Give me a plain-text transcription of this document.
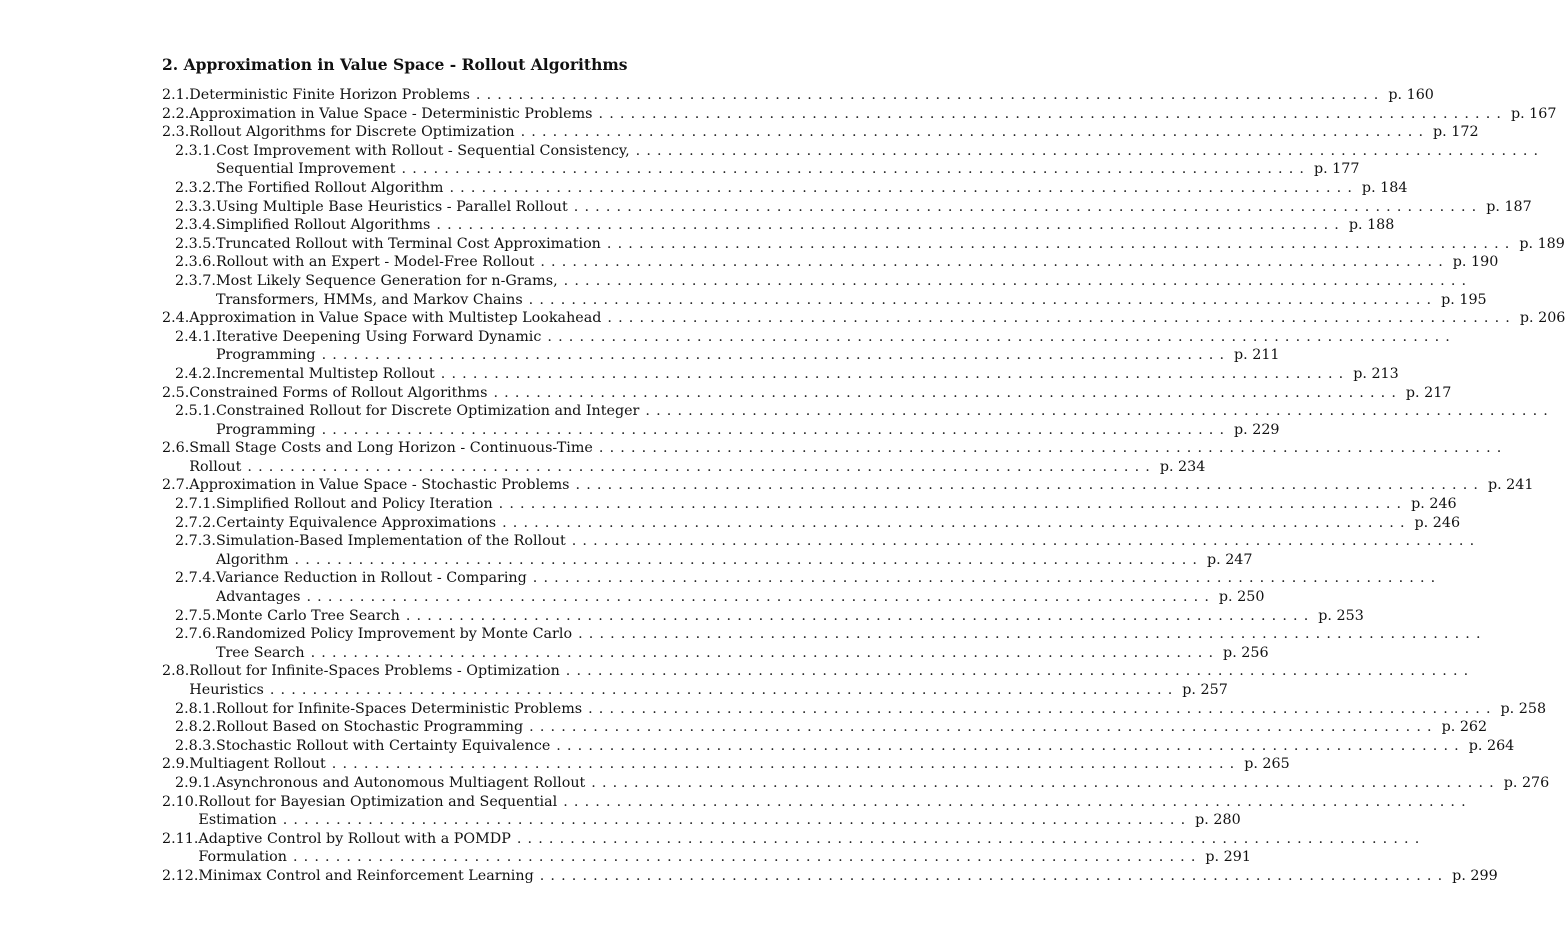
2. Approximation in Value Space - Rollout Algorithms
2.1. Deterministic Finite Horizon Problems . . .	p. 160
2.2. Approximation in Value Space - Deterministic Problems . . .	p. 167
2.3. Rollout Algorithms for Discrete Optimization . . .	p. 172
2.3.1. Cost Improvement with Rollout - Sequential Consistency,
. . .
Sequential Improvement . . .	p. 177
2.3.2. The Fortified Rollout Algorithm . . .	p. 184
2.3.3. Using Multiple Base Heuristics - Parallel Rollout . . .	p. 187
2.3.4. Simplified Rollout Algorithms . . .	p. 188
2.3.5. Truncated Rollout with Terminal Cost Approximation . . .	p. 189
2.3.6. Rollout with an Expert - Model-Free Rollout . . .	p. 190
2.3.7. Most Likely Sequence Generation for n-Grams,
. . .
Transformers, HMMs, and Markov Chains . . .	p. 195
2.4. Approximation in Value Space with Multistep Lookahead . . .	p. 206
2.4.1. Iterative Deepening Using Forward Dynamic
. . .
Programming . . .	p. 211
2.4.2. Incremental Multistep Rollout . . .	p. 213
2.5. Constrained Forms of Rollout Algorithms . . .	p. 217
2.5.1. Constrained Rollout for Discrete Optimization and Integer
. . .
Programming . . .	p. 229
2.6. Small Stage Costs and Long Horizon - Continuous-Time
. . .
Rollout . . .	p. 234
2.7. Approximation in Value Space - Stochastic Problems . . .	p. 241
2.7.1. Simplified Rollout and Policy Iteration . . .	p. 246
2.7.2. Certainty Equivalence Approximations . . .	p. 246
2.7.3. Simulation-Based Implementation of the Rollout
. . .
Algorithm . . .	p. 247
2.7.4. Variance Reduction in Rollout - Comparing
. . .
Advantages . . .	p. 250
2.7.5. Monte Carlo Tree Search . . .	p. 253
2.7.6. Randomized Policy Improvement by Monte Carlo
. . .
Tree Search . . .	p. 256
2.8. Rollout for Infinite-Spaces Problems - Optimization
. . .
Heuristics . . .	p. 257
2.8.1. Rollout for Infinite-Spaces Deterministic Problems . . .	p. 258
2.8.2. Rollout Based on Stochastic Programming . . .	p. 262
2.8.3. Stochastic Rollout with Certainty Equivalence . . .	p. 264
2.9. Multiagent Rollout . . .	p. 265
2.9.1. Asynchronous and Autonomous Multiagent Rollout . . .	p. 276
2.10. Rollout for Bayesian Optimization and Sequential
. . .
Estimation . . .	p. 280
2.11. Adaptive Control by Rollout with a POMDP
. . .
Formulation . . .	p. 291
2.12. Minimax Control and Reinforcement Learning . . .	p. 299
